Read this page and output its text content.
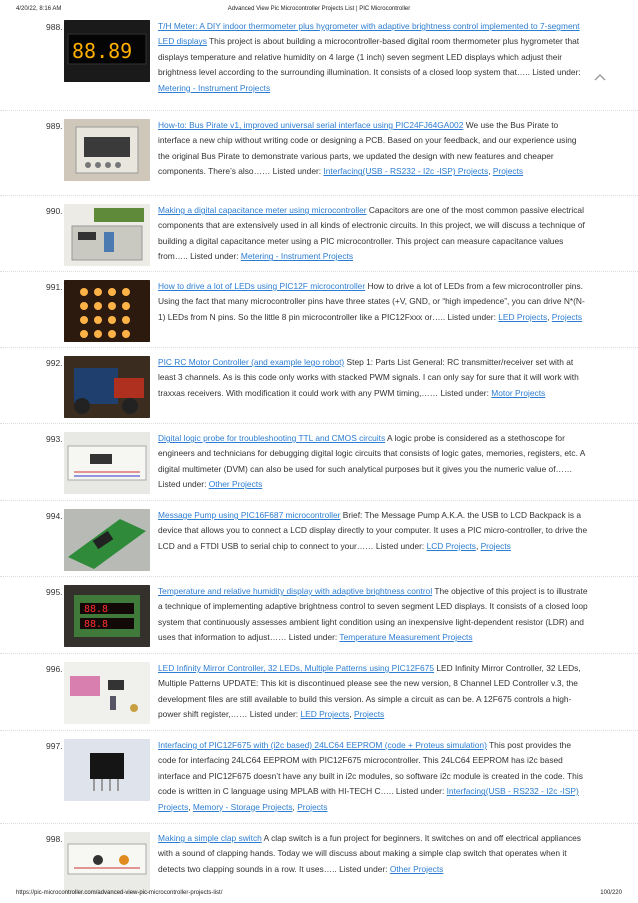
4/20/22, 8:16 AM	Advanced View Pic Microcontroller Projects List | PIC Microcontroller
988.
88.89
T/H Meter: A DIY indoor thermometer plus hygrometer with adaptive brightness control implemented to 7-segment LED displays This project is about building a microcontroller-based digital room thermometer plus hygrometer that displays temperature and relative humidity on 4 large (1 inch) seven segment LED displays which adjust their brightness level according to the surrounding illumination. It consists of a closed loop system that….. Listed under: Metering - Instrument Projects
989.	How-to: Bus Pirate v1, improved universal serial interface using PIC24FJ64GA002 We use the Bus Pirate to interface a new chip without writing code or designing a PCB. Based on your feedback, and our experience using the original Bus Pirate to demonstrate various parts, we updated the design with new features and cheaper components. There’s also…… Listed under: Interfacing(USB - RS232 - I2c -ISP) Projects, Projects
990.	Making a digital capacitance meter using microcontroller Capacitors are one of the most common passive electrical components that are extensively used in all kinds of electronic circuits. In this project, we will discuss a technique of building a digital capacitance meter using a PIC microcontroller. This project can measure capacitance values from….. Listed under: Metering - Instrument Projects
991.	How to drive a lot of LEDs using PIC12F microcontroller How to drive a lot of LEDs from a few microcontroller pins. Using the fact that many microcontroller pins have three states (+V, GND, or “high impedence”, you can drive N*(N-1) LEDs from N pins. So the little 8 pin microcontroller like a PIC12Fxxx or….. Listed under: LED Projects, Projects
992.	PIC RC Motor Controller (and example lego robot) Step 1: Parts List General: RC transmitter/receiver set with at least 3 channels. As is this code only works with stacked PWM signals. I can only say for sure that it will work with traxxas receivers. With modification it could work with any PWM timing,…… Listed under: Motor Projects
993.	Digital logic probe for troubleshooting TTL and CMOS circuits A logic probe is considered as a stethoscope for engineers and technicians for debugging digital logic circuits that consists of logic gates, memories, registers, etc. A digital multimeter (DVM) can also be used for such analytical purposes but it gives you the numeric value of…… Listed under: Other Projects
994.	Message Pump using PIC16F687 microcontroller Brief: The Message Pump A.K.A. the USB to LCD Backpack is a device that allows you to connect a LCD display directly to your computer. It uses a PIC micro-controller, to drive the LCD and a FTDI USB to serial chip to connect to your…… Listed under: LCD Projects, Projects
995.
88.8
88.8
Temperature and relative humidity display with adaptive brightness control The objective of this project is to illustrate a technique of implementing adaptive brightness control to seven segment LED displays. It consists of a closed loop system that continuously assesses ambient light condition using an inexpensive light-dependent resistor (LDR) and uses that information to adjust…… Listed under: Temperature Measurement Projects
996.	LED Infinity Mirror Controller, 32 LEDs, Multiple Patterns using PIC12F675 LED Infinity Mirror Controller, 32 LEDs, Multiple Patterns UPDATE: This kit is discontinued please see the new version, 8 Channel LED Controller v.3, the development files are still available to build this version. As simple a circuit as can be. A 12F675 controls a high-power shift register,…… Listed under: LED Projects, Projects
997.	Interfacing of PIC12F675 with (i2c based) 24LC64 EEPROM (code + Proteus simulation) This post provides the code for interfacing 24LC64 EEPROM with PIC12F675 microcontroller. This 24LC64 EEPROM has i2c based interface and PIC12F675 doesn’t have any built in i2c modules, so software i2c module is created in the code. This code is written in C language using MPLAB with HI-TECH C….. Listed under: Interfacing(USB - RS232 - I2c -ISP) Projects, Memory - Storage Projects, Projects
998.	Making a simple clap switch A clap switch is a fun project for beginners. It switches on and off electrical appliances with a sound of clapping hands. Today we will discuss about making a simple clap switch that operates when it detects two clapping sounds in a row. It uses….. Listed under: Other Projects
https://pic-microcontroller.com/advanced-view-pic-microcontroller-projects-list/	100/220
